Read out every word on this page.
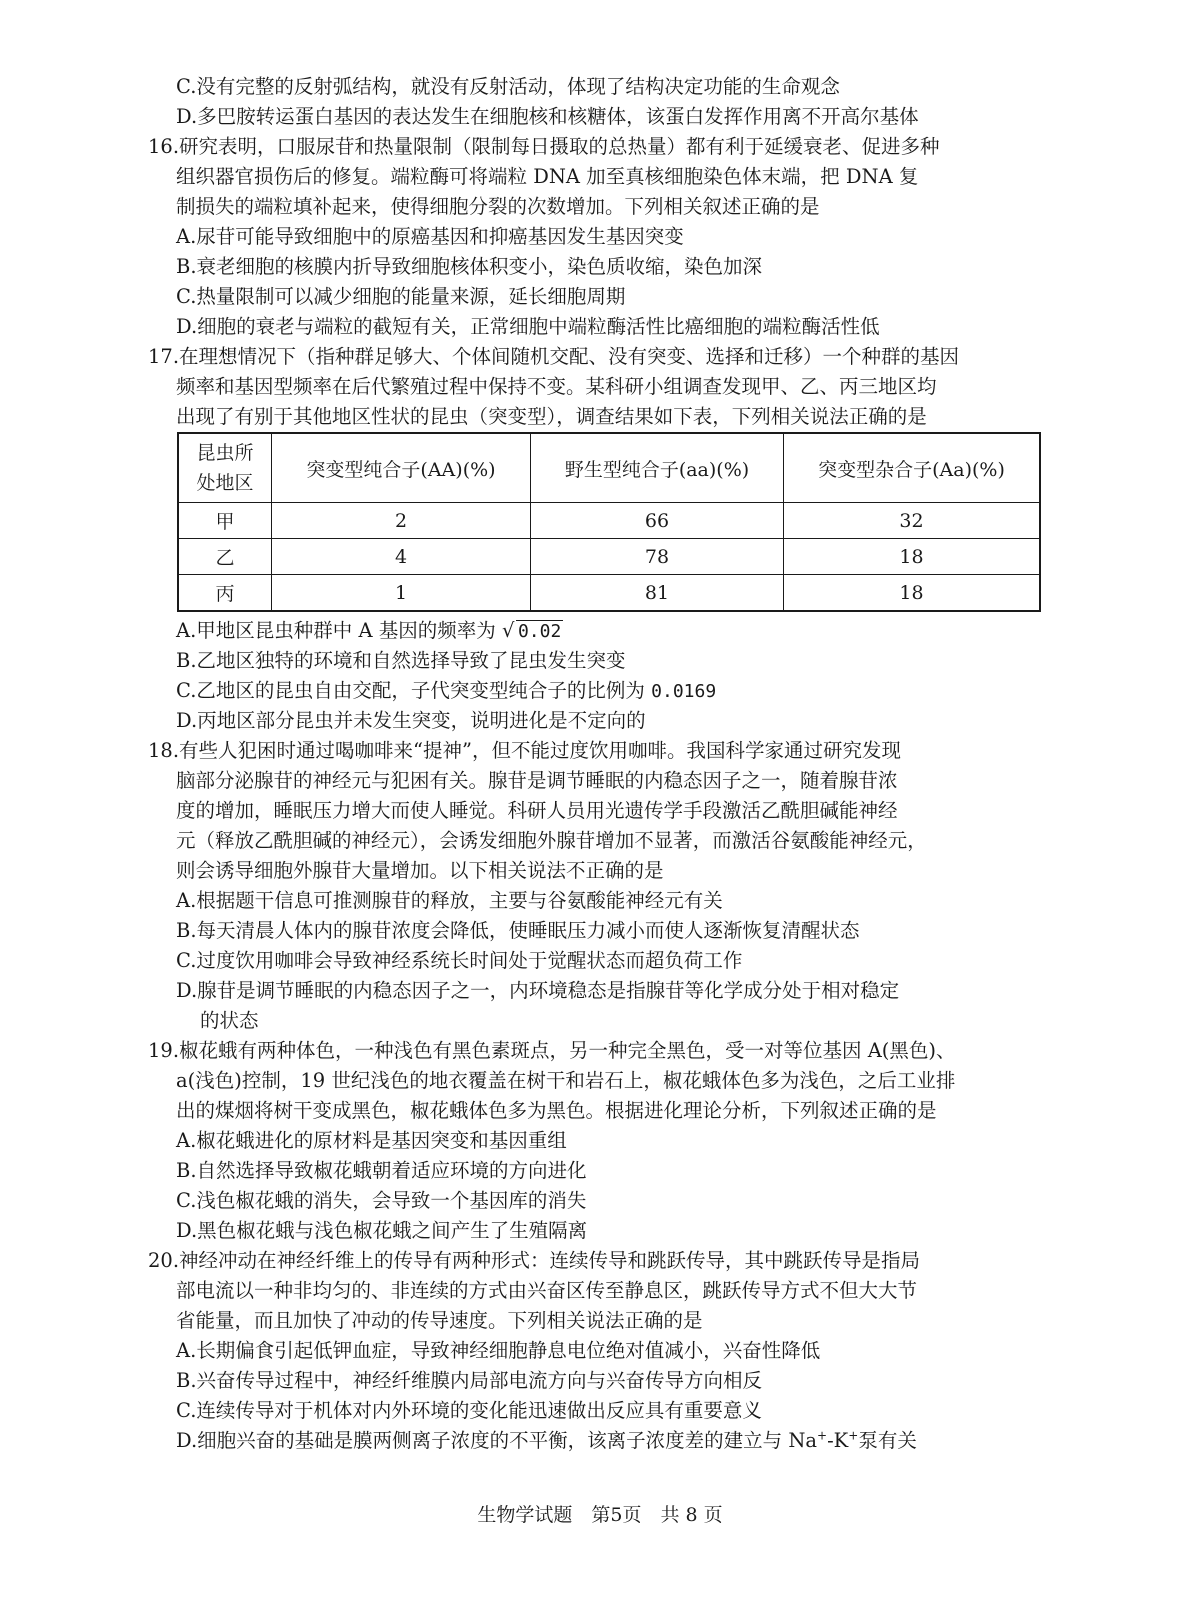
C.没有完整的反射弧结构，就没有反射活动，体现了结构决定功能的生命观念
D.多巴胺转运蛋白基因的表达发生在细胞核和核糖体，该蛋白发挥作用离不开高尔基体
16.研究表明，口服尿苷和热量限制（限制每日摄取的总热量）都有利于延缓衰老、促进多种
组织器官损伤后的修复。端粒酶可将端粒 DNA 加至真核细胞染色体末端，把 DNA 复
制损失的端粒填补起来，使得细胞分裂的次数增加。下列相关叙述正确的是
A.尿苷可能导致细胞中的原癌基因和抑癌基因发生基因突变
B.衰老细胞的核膜内折导致细胞核体积变小，染色质收缩，染色加深
C.热量限制可以减少细胞的能量来源，延长细胞周期
D.细胞的衰老与端粒的截短有关，正常细胞中端粒酶活性比癌细胞的端粒酶活性低
17.在理想情况下（指种群足够大、个体间随机交配、没有突变、选择和迁移）一个种群的基因
频率和基因型频率在后代繁殖过程中保持不变。某科研小组调查发现甲、乙、丙三地区均
出现了有别于其他地区性状的昆虫（突变型），调查结果如下表，下列相关说法正确的是
昆虫所
处地区	突变型纯合子(AA)(%)	野生型纯合子(aa)(%)	突变型杂合子(Aa)(%)
甲	2	66	32
乙	4	78	18
丙	1	81	18
A.甲地区昆虫种群中 A 基因的频率为 √ 0.02
B.乙地区独特的环境和自然选择导致了昆虫发生突变
C.乙地区的昆虫自由交配，子代突变型纯合子的比例为 0.0169
D.丙地区部分昆虫并未发生突变，说明进化是不定向的
18.有些人犯困时通过喝咖啡来“提神”，但不能过度饮用咖啡。我国科学家通过研究发现
脑部分泌腺苷的神经元与犯困有关。腺苷是调节睡眠的内稳态因子之一，随着腺苷浓
度的增加，睡眠压力增大而使人睡觉。科研人员用光遗传学手段激活乙酰胆碱能神经
元（释放乙酰胆碱的神经元），会诱发细胞外腺苷增加不显著，而激活谷氨酸能神经元，
则会诱导细胞外腺苷大量增加。以下相关说法不正确的是
A.根据题干信息可推测腺苷的释放，主要与谷氨酸能神经元有关
B.每天清晨人体内的腺苷浓度会降低，使睡眠压力减小而使人逐渐恢复清醒状态
C.过度饮用咖啡会导致神经系统长时间处于觉醒状态而超负荷工作
D.腺苷是调节睡眠的内稳态因子之一，内环境稳态是指腺苷等化学成分处于相对稳定
的状态
19.椒花蛾有两种体色，一种浅色有黑色素斑点，另一种完全黑色，受一对等位基因 A(黑色)、
a(浅色)控制，19 世纪浅色的地衣覆盖在树干和岩石上，椒花蛾体色多为浅色，之后工业排
出的煤烟将树干变成黑色，椒花蛾体色多为黑色。根据进化理论分析，下列叙述正确的是
A.椒花蛾进化的原材料是基因突变和基因重组
B.自然选择导致椒花蛾朝着适应环境的方向进化
C.浅色椒花蛾的消失，会导致一个基因库的消失
D.黑色椒花蛾与浅色椒花蛾之间产生了生殖隔离
20.神经冲动在神经纤维上的传导有两种形式：连续传导和跳跃传导，其中跳跃传导是指局
部电流以一种非均匀的、非连续的方式由兴奋区传至静息区，跳跃传导方式不但大大节
省能量，而且加快了冲动的传导速度。下列相关说法正确的是
A.长期偏食引起低钾血症，导致神经细胞静息电位绝对值减小，兴奋性降低
B.兴奋传导过程中，神经纤维膜内局部电流方向与兴奋传导方向相反
C.连续传导对于机体对内外环境的变化能迅速做出反应具有重要意义
D.细胞兴奋的基础是膜两侧离子浓度的不平衡，该离子浓度差的建立与 Na+-K+泵有关
生物学试题　第5页　共 8 页
